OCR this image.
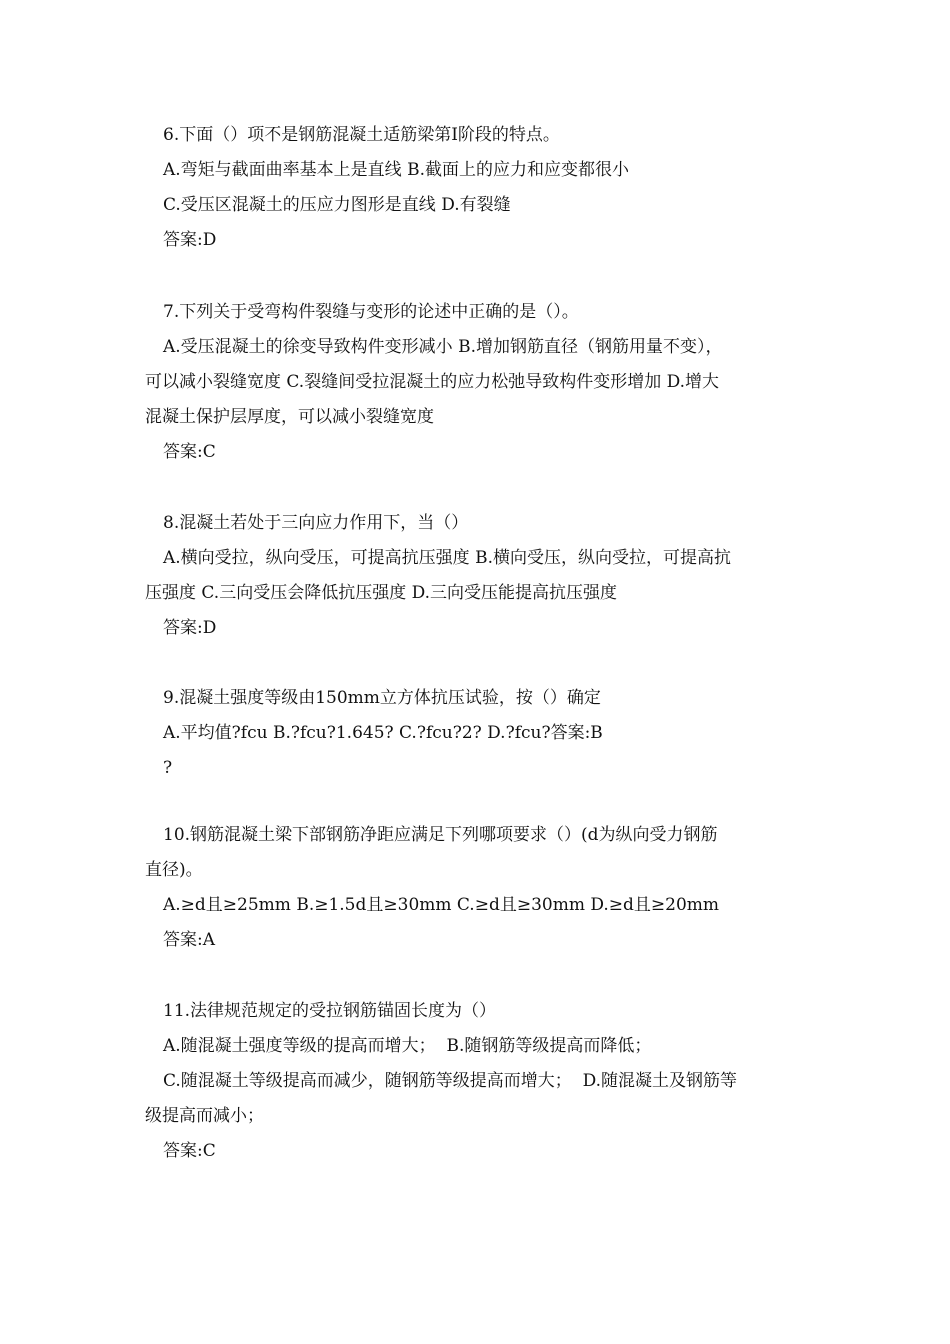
6.下面（）项不是钢筋混凝土适筋梁第Ⅰ阶段的特点。
A.弯矩与截面曲率基本上是直线 B.截面上的应力和应变都很小
C.受压区混凝土的压应力图形是直线 D.有裂缝
答案:D
7.下列关于受弯构件裂缝与变形的论述中正确的是（）。
A.受压混凝土的徐变导致构件变形减小 B.增加钢筋直径（钢筋用量不变），
可以减小裂缝宽度 C.裂缝间受拉混凝土的应力松弛导致构件变形增加 D.增大
混凝土保护层厚度，可以减小裂缝宽度
答案:C
8.混凝土若处于三向应力作用下，当（）
A.横向受拉，纵向受压，可提高抗压强度 B.横向受压，纵向受拉，可提高抗
压强度 C.三向受压会降低抗压强度 D.三向受压能提高抗压强度
答案:D
9.混凝土强度等级由150mm立方体抗压试验，按（）确定
A.平均值?fcu B.?fcu?1.645? C.?fcu?2? D.?fcu?答案:B
?
10.钢筋混凝土梁下部钢筋净距应满足下列哪项要求（）(d为纵向受力钢筋
直径)。
A.≥d且≥25mm B.≥1.5d且≥30mm C.≥d且≥30mm D.≥d且≥20mm
答案:A
11.法律规范规定的受拉钢筋锚固长度为（）
A.随混凝土强度等级的提高而增大；  B.随钢筋等级提高而降低；
C.随混凝土等级提高而减少，随钢筋等级提高而增大；  D.随混凝土及钢筋等
级提高而减小；
答案:C
